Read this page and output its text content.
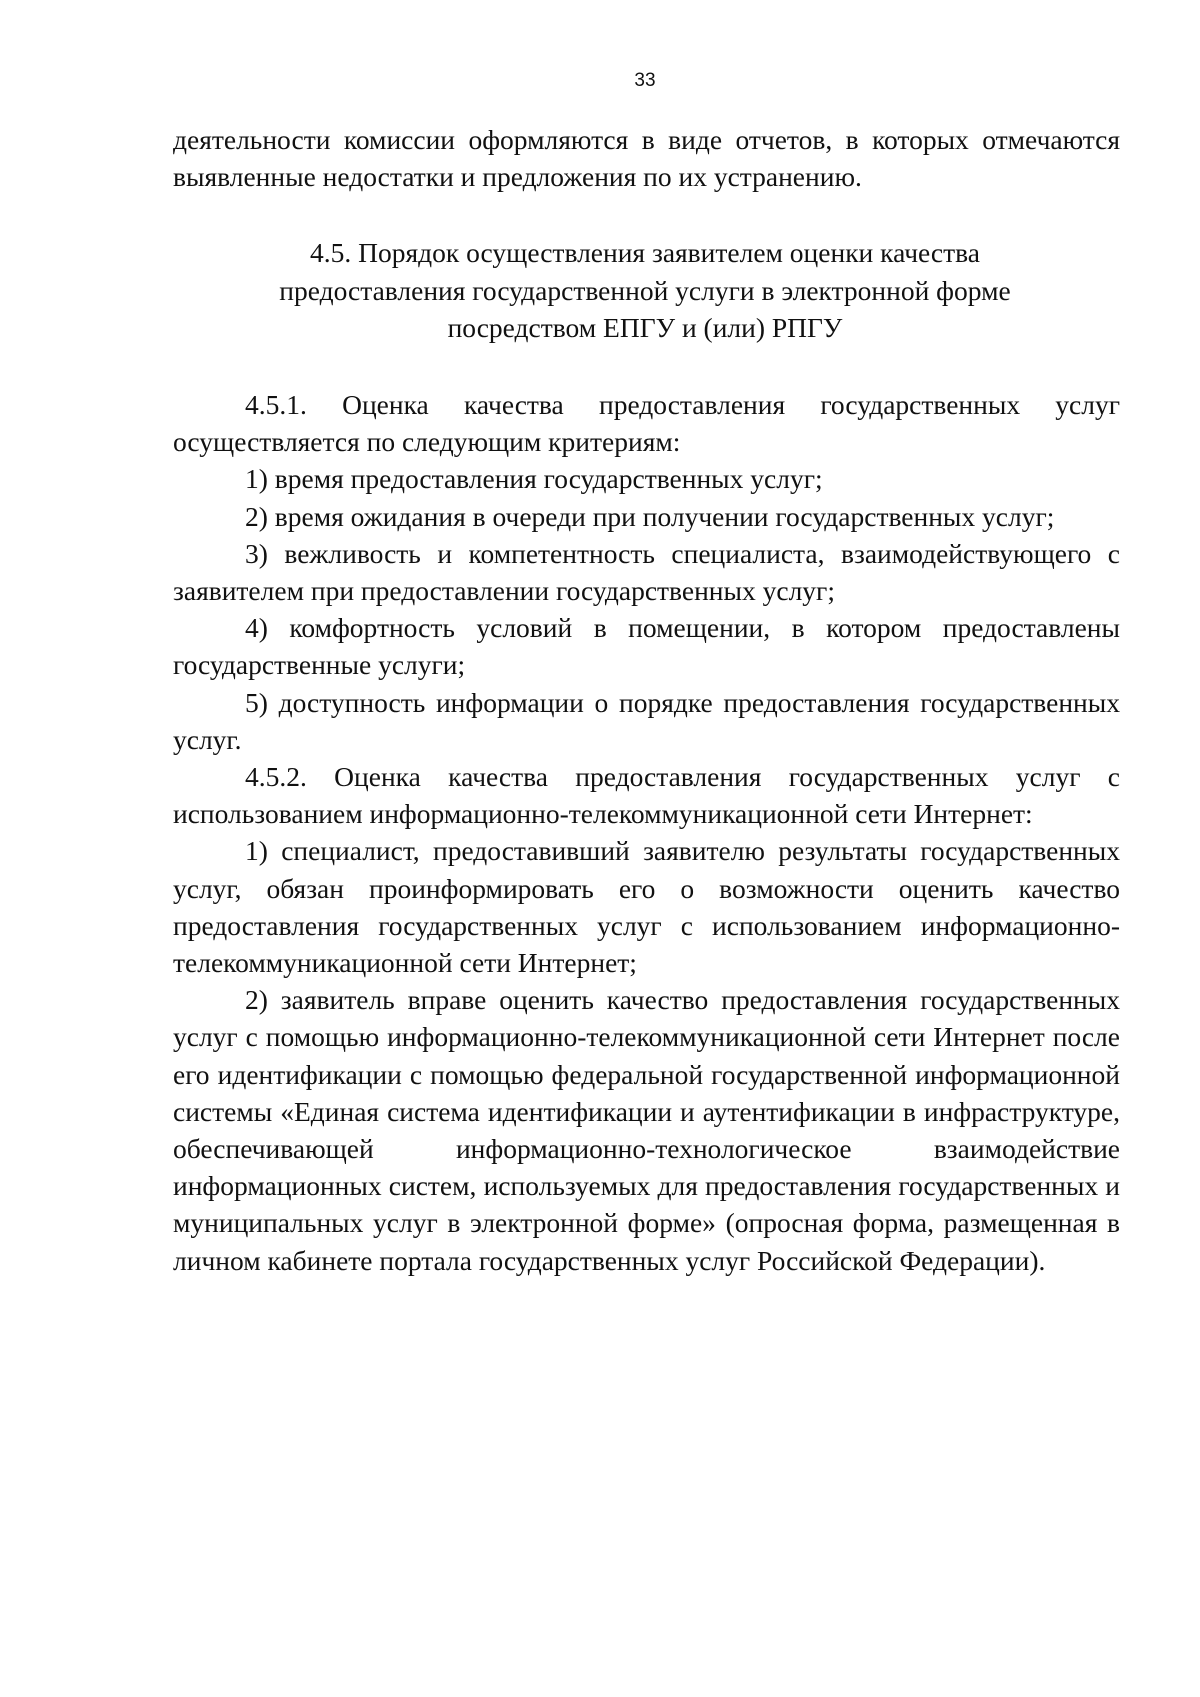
33

деятельности комиссии оформляются в виде отчетов, в которых отмечаются выявленные недостатки и предложения по их устранению.

4.5. Порядок осуществления заявителем оценки качества
предоставления государственной услуги в электронной форме
посредством ЕПГУ и (или) РПГУ

4.5.1. Оценка качества предоставления государственных услуг осуществляется по следующим критериям:

1) время предоставления государственных услуг;

2) время ожидания в очереди при получении государственных услуг;

3) вежливость и компетентность специалиста, взаимодействующего с заявителем при предоставлении государственных услуг;

4) комфортность условий в помещении, в котором предоставлены государственные услуги;

5) доступность информации о порядке предоставления государственных услуг.

4.5.2. Оценка качества предоставления государственных услуг с использованием информационно-телекоммуникационной сети Интернет:

1) специалист, предоставивший заявителю результаты государственных услуг, обязан проинформировать его о возможности оценить качество предоставления государственных услуг с использованием информационно-телекоммуникационной сети Интернет;

2) заявитель вправе оценить качество предоставления государственных услуг с помощью информационно-телекоммуникационной сети Интернет после его идентификации с помощью федеральной государственной информационной системы «Единая система идентификации и аутентификации в инфраструктуре, обеспечивающей информационно-технологическое взаимодействие информационных систем, используемых для предоставления государственных и муниципальных услуг в электронной форме» (опросная форма, размещенная в личном кабинете портала государственных услуг Российской Федерации).
